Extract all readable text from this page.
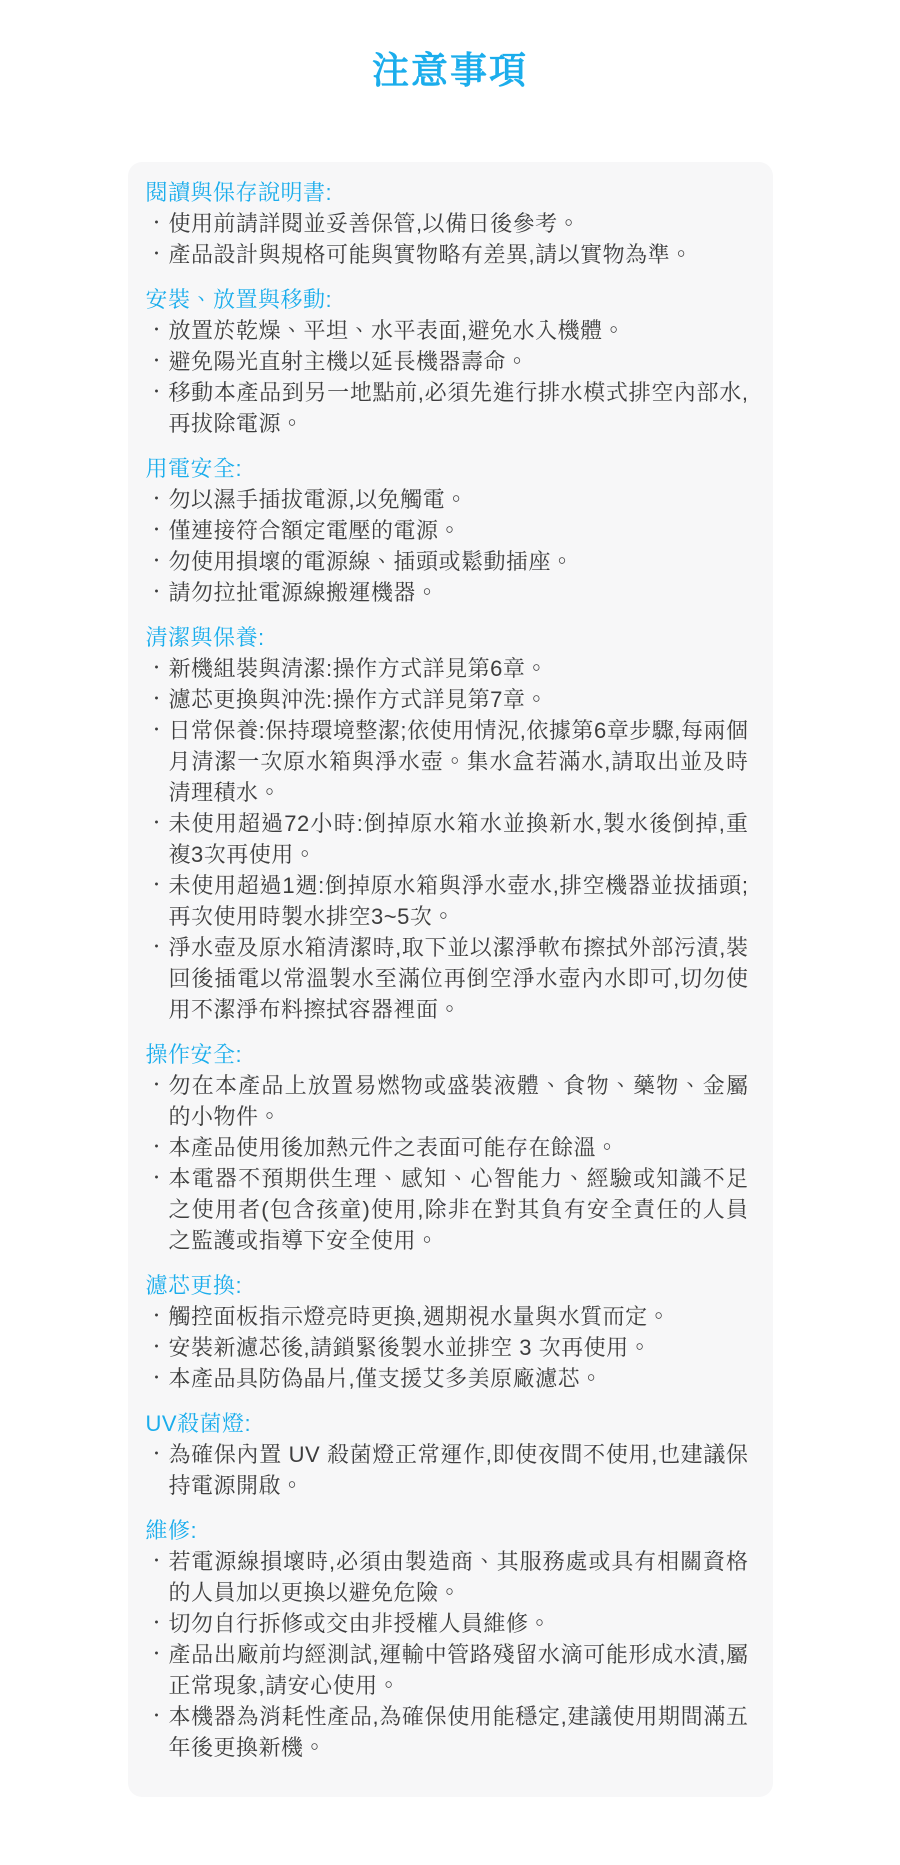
注意事項
閱讀與保存說明書:
・ 使用前請詳閱並妥善保管,以備日後參考。
・ 產品設計與規格可能與實物略有差異,請以實物為準。
安裝、放置與移動:
・ 放置於乾燥、平坦、水平表面,避免水入機體。
・ 避免陽光直射主機以延長機器壽命。
・ 移動本產品到另一地點前,必須先進行排水模式排空內部水,再拔除電源。
用電安全:
・ 勿以濕手插拔電源,以免觸電。
・ 僅連接符合額定電壓的電源。
・ 勿使用損壞的電源線、插頭或鬆動插座。
・ 請勿拉扯電源線搬運機器。
清潔與保養:
・ 新機組裝與清潔:操作方式詳見第6章。
・ 濾芯更換與沖洗:操作方式詳見第7章。
・ 日常保養:保持環境整潔;依使用情況,依據第6章步驟,每兩個月清潔一次原水箱與淨水壺。集水盒若滿水,請取出並及時清理積水。
・ 未使用超過72小時:倒掉原水箱水並換新水,製水後倒掉,重複3次再使用。
・ 未使用超過1週:倒掉原水箱與淨水壺水,排空機器並拔插頭;再次使用時製水排空3~5次。
・ 淨水壺及原水箱清潔時,取下並以潔淨軟布擦拭外部污漬,裝回後插電以常溫製水至滿位再倒空淨水壺內水即可,切勿使用不潔淨布料擦拭容器裡面。
操作安全:
・ 勿在本產品上放置易燃物或盛裝液體、食物、藥物、金屬的小物件。
・ 本產品使用後加熱元件之表面可能存在餘溫。
・ 本電器不預期供生理、感知、心智能力、經驗或知識不足之使用者(包含孩童)使用,除非在對其負有安全責任的人員之監護或指導下安全使用。
濾芯更換:
・ 觸控面板指示燈亮時更換,週期視水量與水質而定。
・ 安裝新濾芯後,請鎖緊後製水並排空 3 次再使用。
・ 本產品具防偽晶片,僅支援艾多美原廠濾芯。
UV殺菌燈:
・ 為確保內置 UV 殺菌燈正常運作,即使夜間不使用,也建議保持電源開啟。
維修:
・ 若電源線損壞時,必須由製造商、其服務處或具有相關資格的人員加以更換以避免危險。
・ 切勿自行拆修或交由非授權人員維修。
・ 產品出廠前均經測試,運輸中管路殘留水滴可能形成水漬,屬正常現象,請安心使用。
・ 本機器為消耗性產品,為確保使用能穩定,建議使用期間滿五年後更換新機。
